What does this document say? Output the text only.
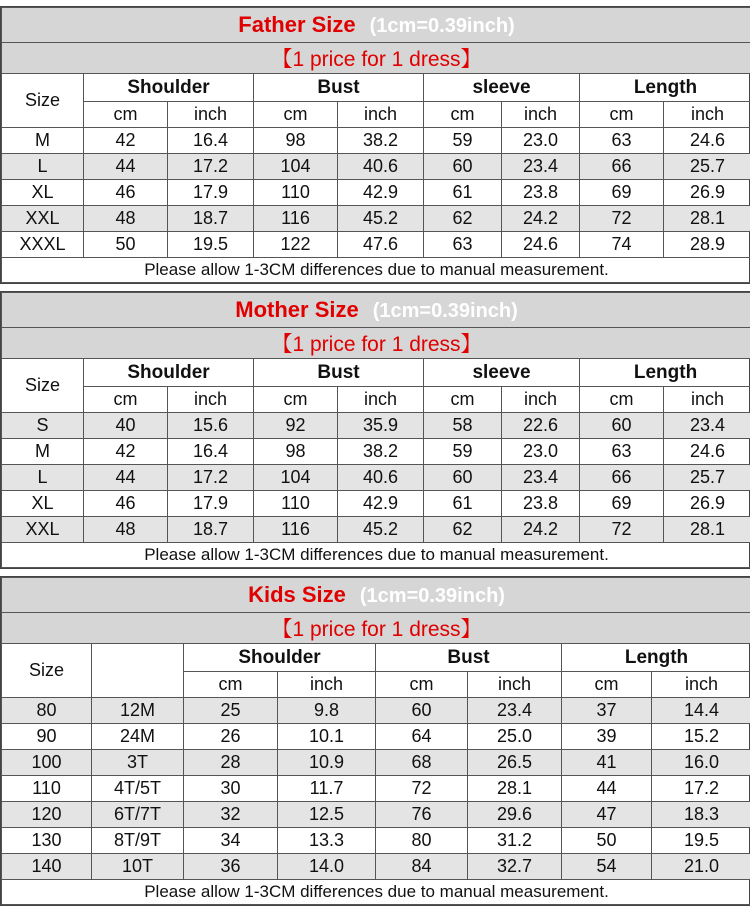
Father Size (1cm=0.39inch)								
【1 price for 1 dress】								
Size	Shoulder		Bust		sleeve		Length	
	cm	inch	cm	inch	cm	inch	cm	inch
M	42	16.4	98	38.2	59	23.0	63	24.6
L	44	17.2	104	40.6	60	23.4	66	25.7
XL	46	17.9	110	42.9	61	23.8	69	26.9
XXL	48	18.7	116	45.2	62	24.2	72	28.1
XXXL	50	19.5	122	47.6	63	24.6	74	28.9
Please allow 1-3CM differences due to manual measurement.								
Mother Size (1cm=0.39inch)								
【1 price for 1 dress】								
Size	Shoulder		Bust		sleeve		Length	
	cm	inch	cm	inch	cm	inch	cm	inch
S	40	15.6	92	35.9	58	22.6	60	23.4
M	42	16.4	98	38.2	59	23.0	63	24.6
L	44	17.2	104	40.6	60	23.4	66	25.7
XL	46	17.9	110	42.9	61	23.8	69	26.9
XXL	48	18.7	116	45.2	62	24.2	72	28.1
Please allow 1-3CM differences due to manual measurement.								
Kids Size (1cm=0.39inch)							
【1 price for 1 dress】							
Size		Shoulder		Bust		Length	
		cm	inch	cm	inch	cm	inch
80	12M	25	9.8	60	23.4	37	14.4
90	24M	26	10.1	64	25.0	39	15.2
100	3T	28	10.9	68	26.5	41	16.0
110	4T/5T	30	11.7	72	28.1	44	17.2
120	6T/7T	32	12.5	76	29.6	47	18.3
130	8T/9T	34	13.3	80	31.2	50	19.5
140	10T	36	14.0	84	32.7	54	21.0
Please allow 1-3CM differences due to manual measurement.							
